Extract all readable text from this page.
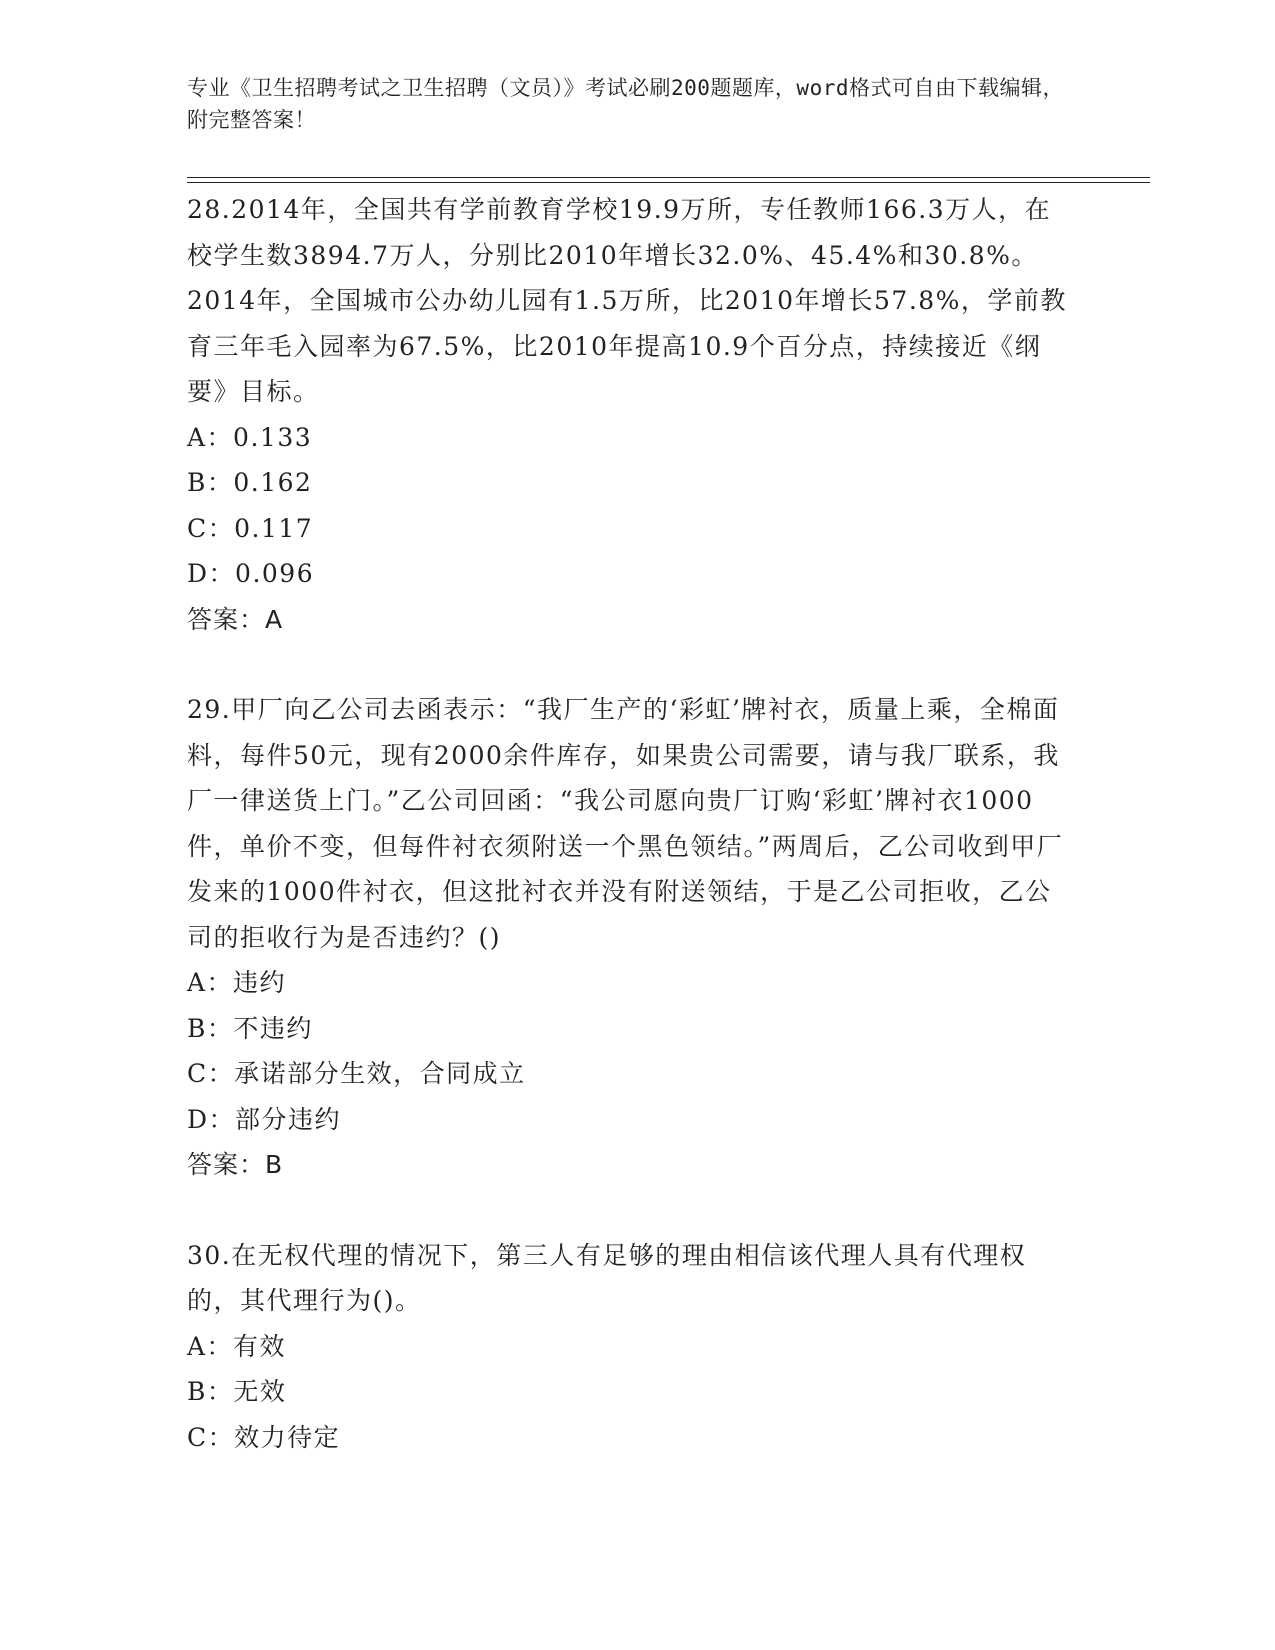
专业《卫生招聘考试之卫生招聘（文员）》考试必刷200题题库，word格式可自由下载编辑，附完整答案！

28.2014年，全国共有学前教育学校19.9万所，专任教师166.3万人，在校学生数3894.7万人，分别比2010年增长32.0%、45.4%和30.8%。2014年，全国城市公办幼儿园有1.5万所，比2010年增长57.8%，学前教育三年毛入园率为67.5%，比2010年提高10.9个百分点，持续接近《纲要》目标。

A：0.133

B：0.162

C：0.117

D：0.096

答案：A

29.甲厂向乙公司去函表示：“我厂生产的‘彩虹’牌衬衣，质量上乘，全棉面料，每件50元，现有2000余件库存，如果贵公司需要，请与我厂联系，我厂一律送货上门。”乙公司回函：“我公司愿向贵厂订购‘彩虹’牌衬衣1000件，单价不变，但每件衬衣须附送一个黑色领结。”两周后，乙公司收到甲厂发来的1000件衬衣，但这批衬衣并没有附送领结，于是乙公司拒收，乙公司的拒收行为是否违约？()

A：违约

B：不违约

C：承诺部分生效，合同成立

D：部分违约

答案：B

30.在无权代理的情况下，第三人有足够的理由相信该代理人具有代理权的，其代理行为()。

A：有效

B：无效

C：效力待定
